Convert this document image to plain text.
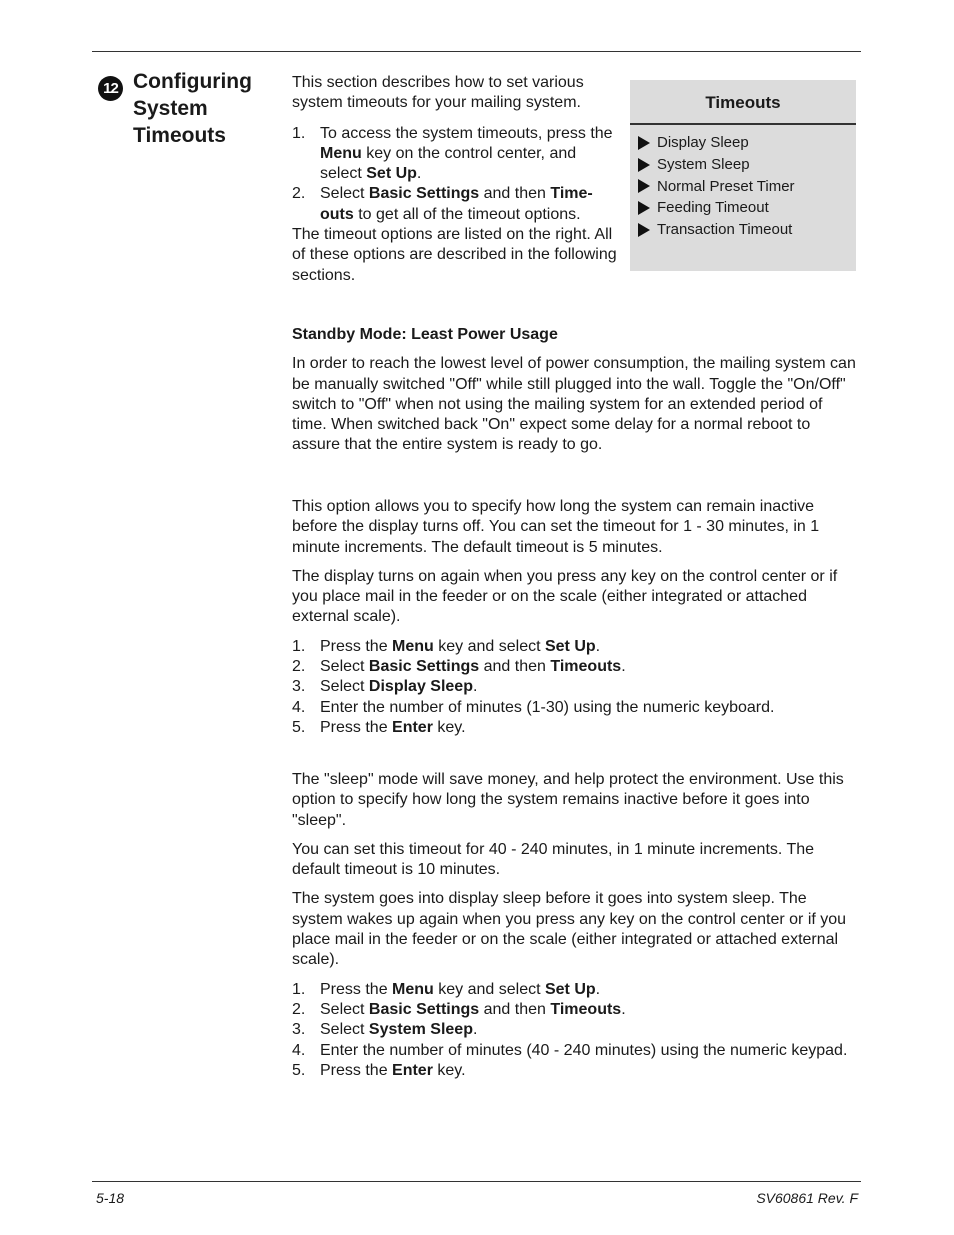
12 Configuring
System
Timeouts

This section describes how to set various system timeouts for your mailing system.

1. To access the system timeouts, press the Menu key on the control center, and select Set Up.
2. Select Basic Settings and then Time-outs to get all of the timeout options.

The timeout options are listed on the right. All of these options are described in the following sections.

Timeouts
Display Sleep
System Sleep
Normal Preset Timer
Feeding Timeout
Transaction Timeout
Standby Mode: Least Power Usage

In order to reach the lowest level of power consumption, the mailing system can be manually switched "Off" while still plugged into the wall. Toggle the "On/Off" switch to "Off" when not using the mailing system for an extended period of time. When switched back "On" expect some delay for a normal reboot to assure that the entire system is ready to go.

This option allows you to specify how long the system can remain inactive before the display turns off. You can set the timeout for 1 - 30 minutes, in 1 minute increments. The default timeout is 5 minutes.

The display turns on again when you press any key on the control center or if you place mail in the feeder or on the scale (either integrated or attached external scale).

1. Press the Menu key and select Set Up.
2. Select Basic Settings and then Timeouts.
3. Select Display Sleep.
4. Enter the number of minutes (1-30) using the numeric keyboard.
5. Press the Enter key.

The "sleep" mode will save money, and help protect the environment. Use this option to specify how long the system remains inactive before it goes into "sleep".

You can set this timeout for 40 - 240 minutes, in 1 minute increments. The default timeout is 10 minutes.

The system goes into display sleep before it goes into system sleep. The system wakes up again when you press any key on the control center or if you place mail in the feeder or on the scale (either integrated or attached external scale).

1. Press the Menu key and select Set Up.
2. Select Basic Settings and then Timeouts.
3. Select System Sleep.
4. Enter the number of minutes (40 - 240 minutes) using the numeric keypad.
5. Press the Enter key.
5-18	SV60861 Rev. F
